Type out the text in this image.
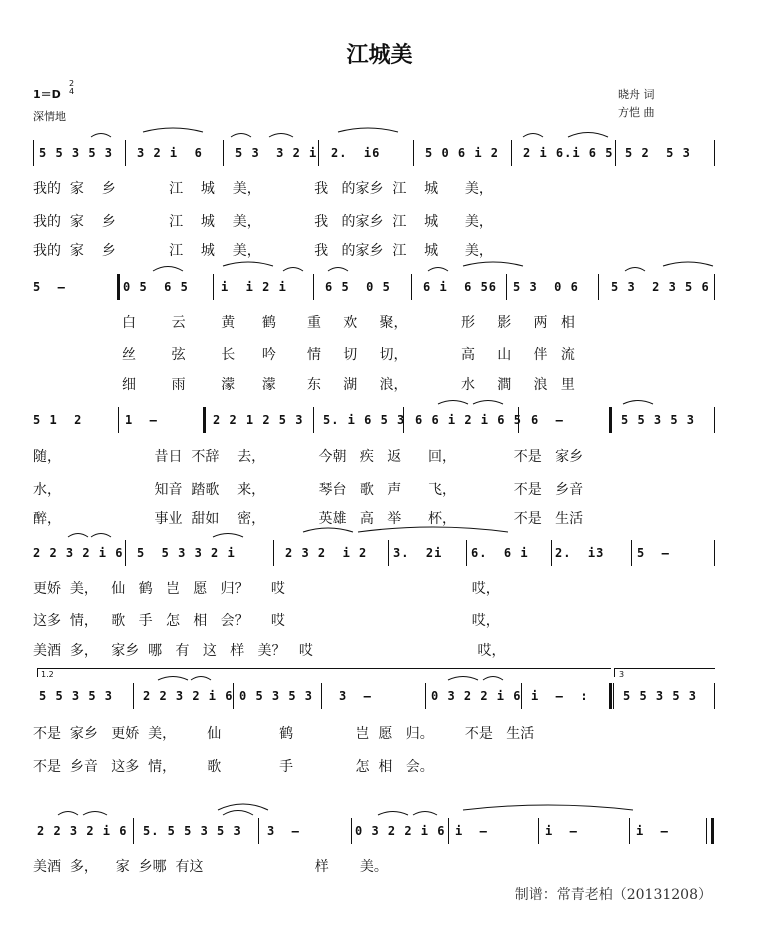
江城美
1＝D
2
4
深情地
晓舟 词
方恺 曲
5 5 3 5 3 3 2 i  6	5 3  3 2 i 2.  i6	5 0 6 i 2 2 i 6.i 6 5 5 2  5 3
我的  家    乡            江    城    美，            我   的家乡  江    城      美，
我的  家    乡            江    城    美，            我   的家乡  江    城      美，
我的  家    乡            江    城    美，            我   的家乡  江    城      美，
5  –	0 5  6 5	i  i 2 i	6 5  0 5	6 i  6 56 5 3  0 6	5 3  2 3 5 6
白        云        黄      鹤       重     欢     聚，            形     影     两   相
丝        弦        长      吟       情     切     切，            高     山     伴   流
细        雨        濛      濛       东     湖     浪，            水     澗     浪   里
5 1  2	1  –	2 2 1 2 5 3 5. i 6 5 3 6 6 i 2 i 6 5 6  –	5 5 3 5 3
随，                     昔日  不辞    去，            今朝   疾   返      回，             不是   家乡
水，                     知音  踏歌    来，            琴台   歌   声      飞，             不是   乡音
醉，                     事业  甜如    密，            英雄   高   举      杯，             不是   生活
2 2 3 2 i 6 5  5 3 3 2 i	2 3 2  i 2 3.  2i 6.  6 i 2.  i3	5  –
更娇  美，   仙   鹤   岂   愿   归？     哎                                          哎，
这多  情，   歌   手   怎   相   会？     哎                                          哎，
美酒  多，   家乡  哪   有   这   样   美？   哎                                     哎，
1.2	3
5 5 3 5 3 2 2 3 2 i 6 0 5 3 5 3 3  –	0 3 2 2 i 6 i  –  :	5 5 3 5 3
不是  家乡   更娇  美，       仙             鹤              岂  愿   归。       不是   生活
不是  乡音   这多  情，       歌             手              怎  相   会。
2 2 3 2 i 6 5. 5 5 3 5 3 3  –	0 3 2 2 i 6 i  –	i  –	i  –
美酒  多，    家  乡哪  有这                         样       美。
制谱：常青老柏（20131208）
